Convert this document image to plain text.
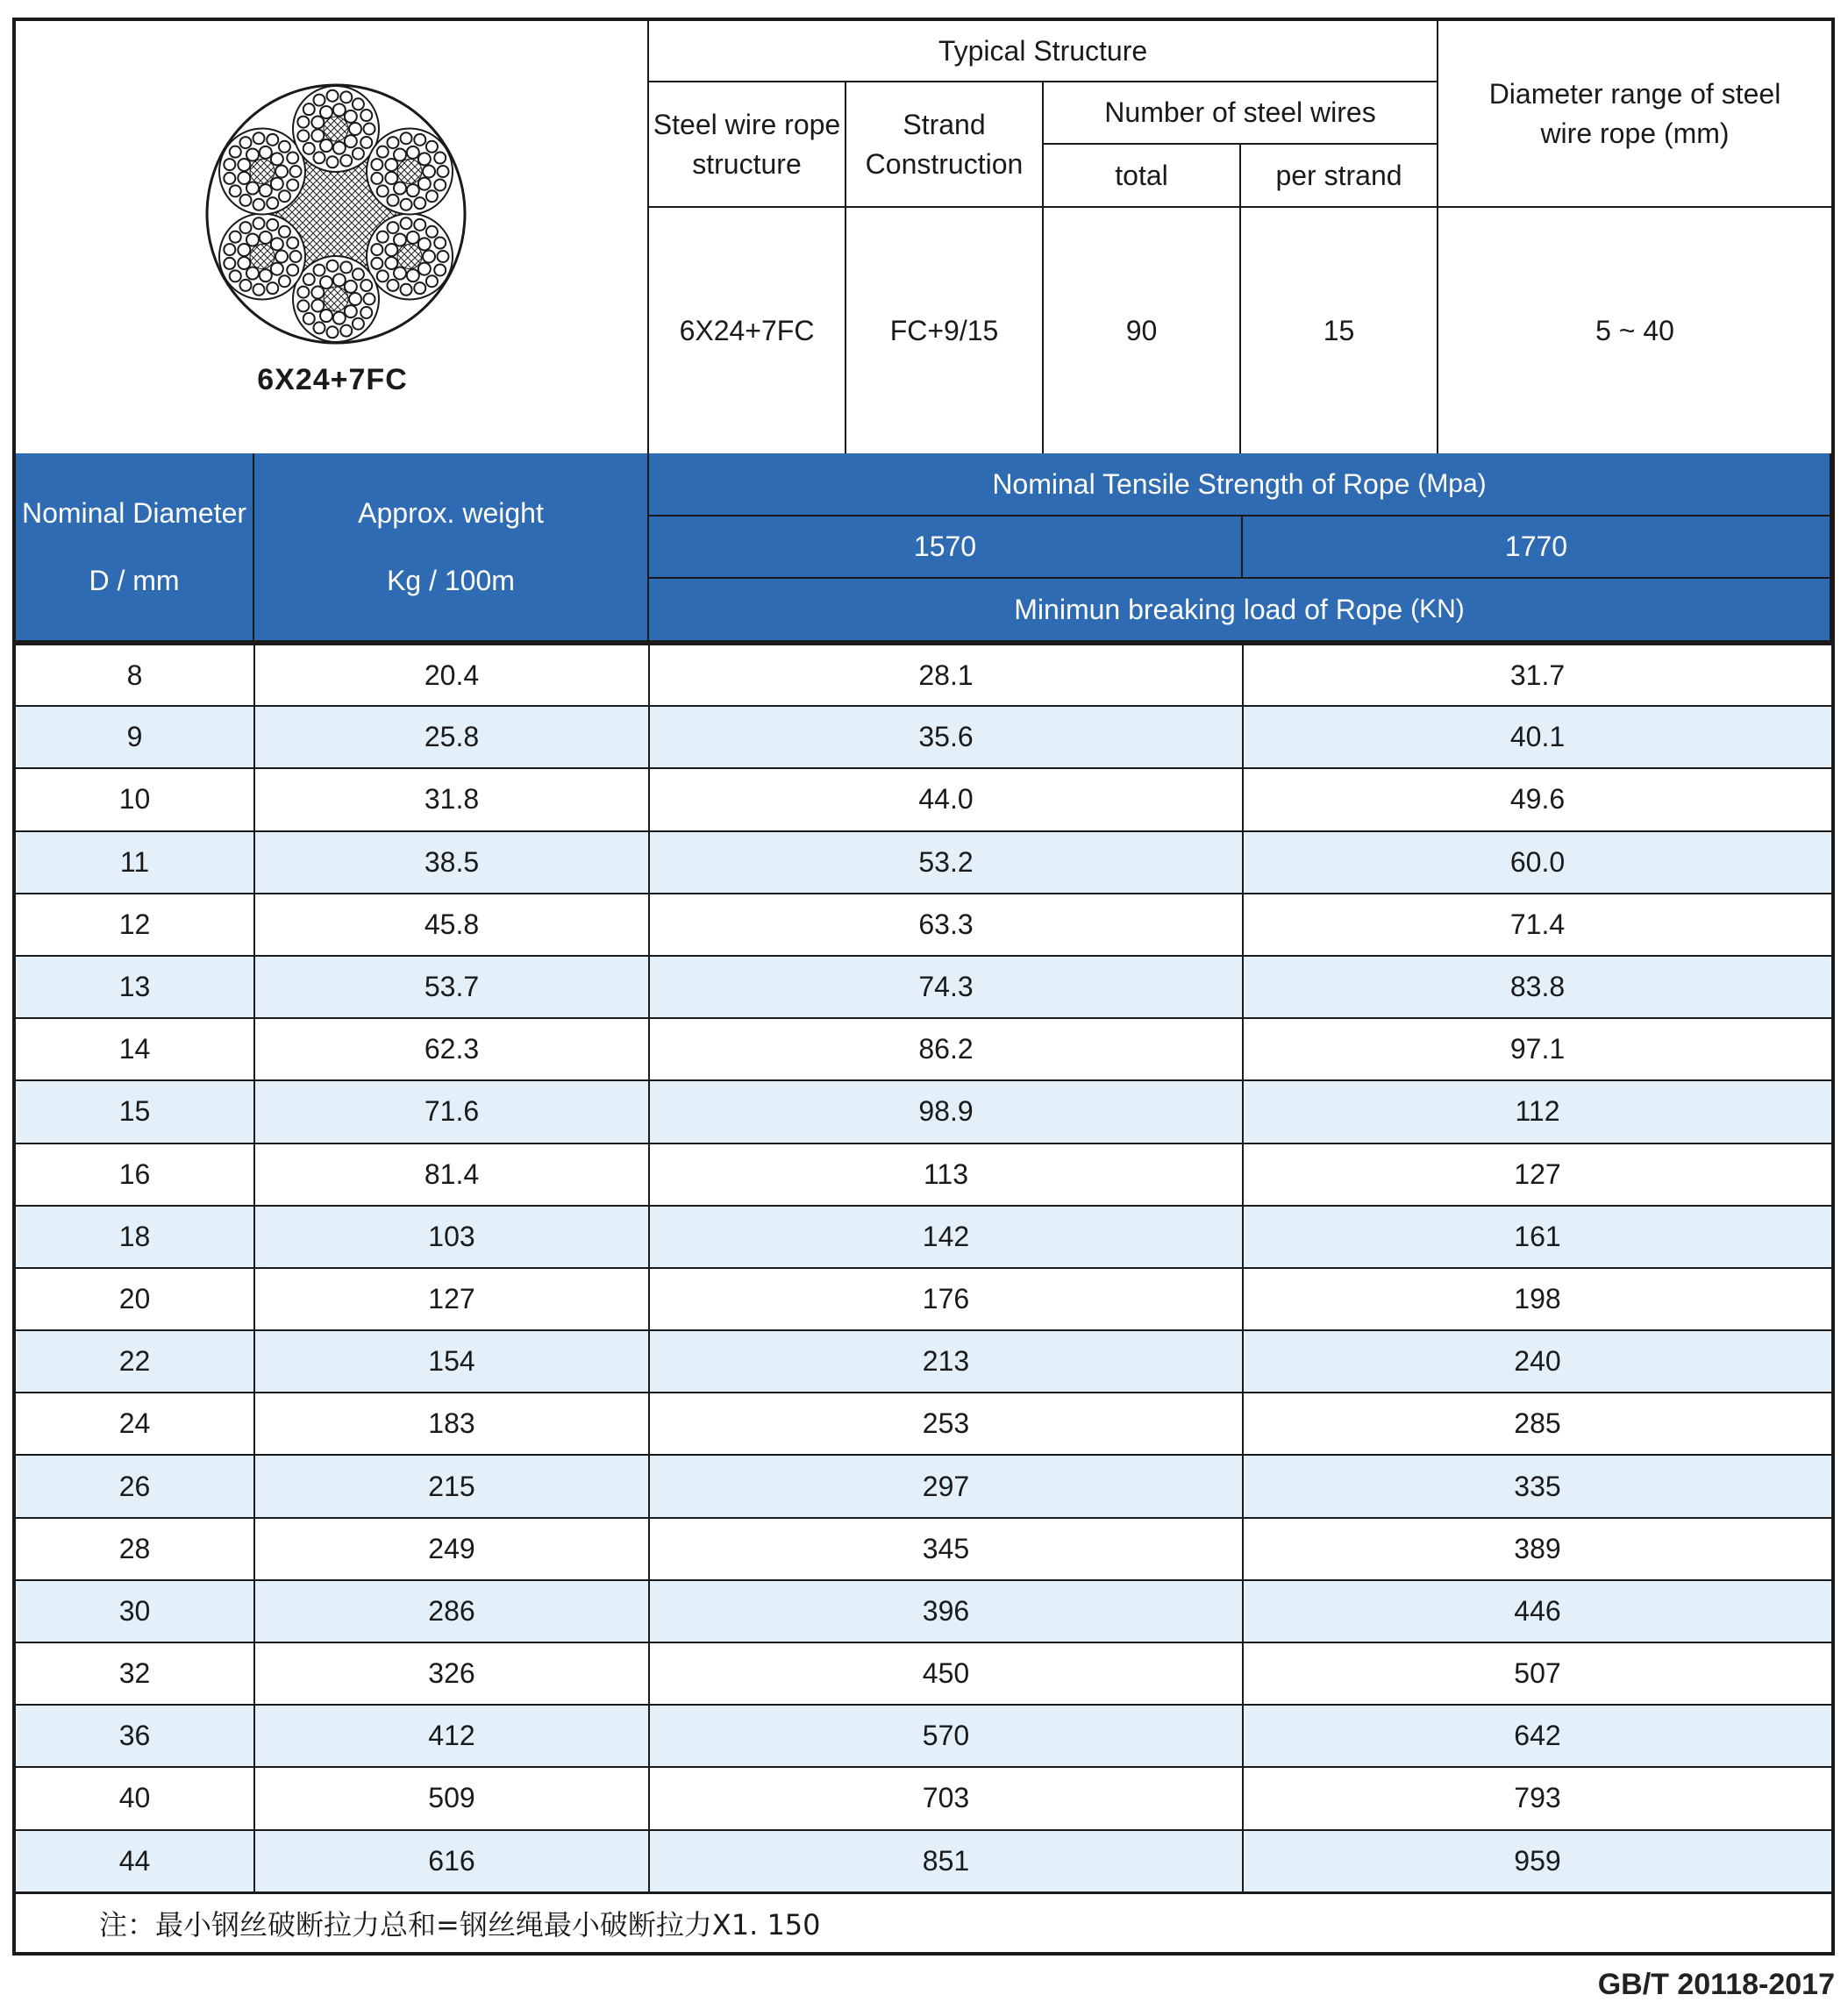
6X24+7FC
Typical Structure
Steel wire rope structure
Strand Construction
Number of steel wires
total	per strand
Diameter range of steel wire rope (mm)
6X24+7FC	FC+9/15	90	15	5 ~ 40
Nominal Diameter
D / mm
Approx. weight
Kg / 100m
Nominal Tensile Strength of Rope
(Mpa)
1570	1770
Minimun breaking load of Rope
(KN)
8	20.4	28.1	31.7
9	25.8	35.6	40.1
10	31.8	44.0	49.6
11	38.5	53.2	60.0
12	45.8	63.3	71.4
13	53.7	74.3	83.8
14	62.3	86.2	97.1
15	71.6	98.9	112
16	81.4	113	127
18	103	142	161
20	127	176	198
22	154	213	240
24	183	253	285
26	215	297	335
28	249	345	389
30	286	396	446
32	326	450	507
36	412	570	642
40	509	703	793
44	616	851	959
注：最小钢丝破断拉力总和=钢丝绳最小破断拉力X1. 150
GB/T 20118-2017
